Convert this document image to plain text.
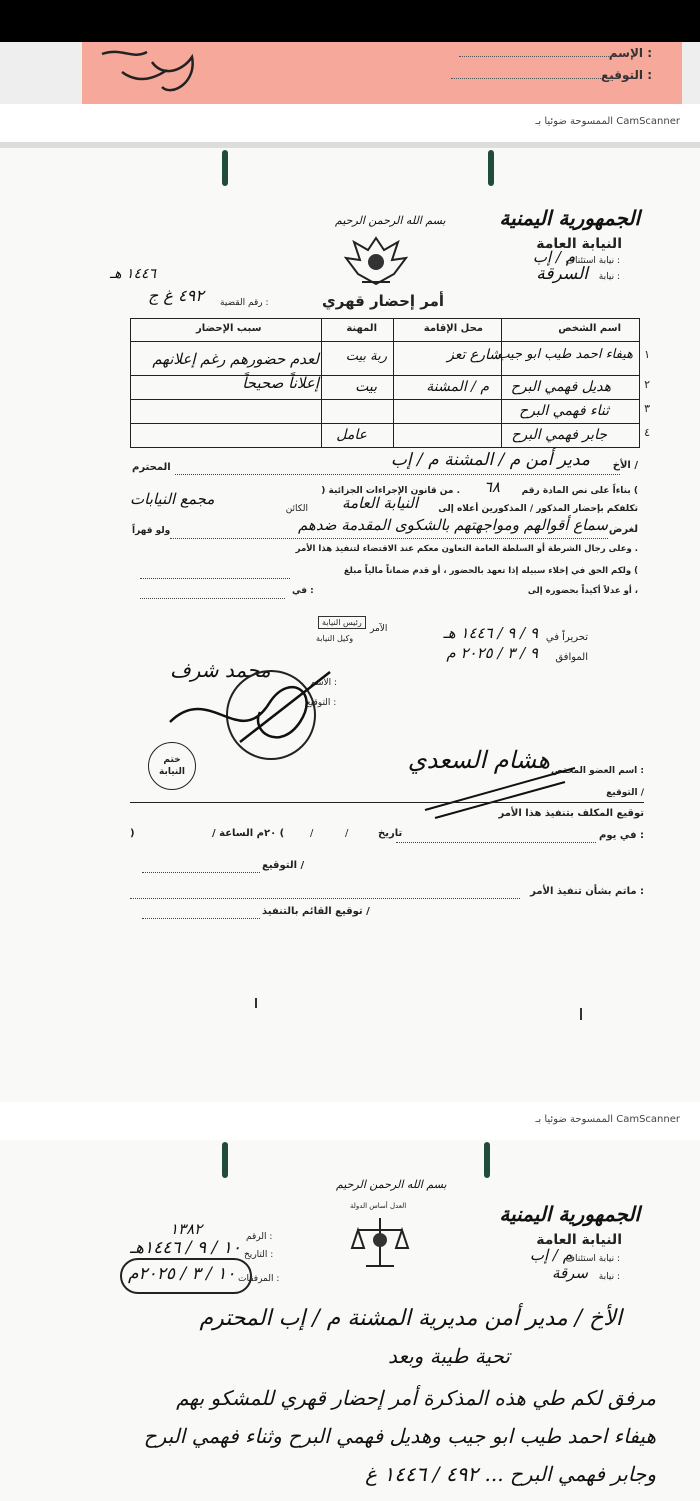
الإسم :
التوقيع :
الممسوحة ضوئيا بـ CamScanner
الجمهورية اليمنية
النيابة العامة
نيابة استئناف :
م / إب
نيابة :
السرقة
بسم الله الرحمن الرحيم
أمر إحضار قهري
رقم القضية :
٤٩٢ غ ج
١٤٤٦ هـ
اسم الشخص
محل الإقامة
المهنة
سبب الإحضار
هيفاء احمد طيب ابو جيب
شارع تعز
ربة بيت
هديل فهمي البرح
م / المشنة
بيت
ثناء فهمي البرح
جابر فهمي البرح
عامل
لعدم حضورهم رغم إعلانهم إعلاناً صحيحاً
١
٢
٣
٤
الأخ /
مدير أمن م / المشنة م / إب
المحترم
بناءاً على نص المادة رقم (
٦٨
) من قانون الإجراءات الجزائية .
تكلفكم بإحضار المذكور / المذكورين أعلاه إلى
النيابة العامة
الكائن
مجمع النيابات
لغرض
سماع أقوالهم ومواجهتهم بالشكوى المقدمة ضدهم
ولو قهراً
وعلى رجال الشرطة أو السلطة العامة التعاون معكم عند الاقتضاء لتنفيذ هذا الأمر .
ولكم الحق في إخلاء سبيله إذا تعهد بالحضور ، أو قدم ضماناً مالياً مبلغ (
أو عدلاً أكيداً بحضوره إلى ،
في :
تحريراً في
٩ / ٩ / ١٤٤٦ هـ
الموافق
٩ / ٣ / ٢٠٢٥ م
الآمر
رئيس النيابة
وكيل النيابة
محمد شرف
الاسم :
التوقيع :
ختم النيابة	اسم العضو المختص :
هشام السعدي
التوقيع /
توقيع المكلف بتنفيذ هذا الأمر
في يوم :
تاريخ
/
/
/ ٢٠م الساعة (
)
التوقيع /
ماتم بشأن تنفيذ الأمر :
توقيع القائم بالتنفيذ /
الممسوحة ضوئيا بـ CamScanner
الجمهورية اليمنية
النيابة العامة
نيابة استئناف :
م / إب
نيابة :
سرقة
بسم الله الرحمن الرحيم
العدل أساس الدولة
الرقم :
١٣٨٢
التاريخ :
١٠ / ٩ / ١٤٤٦هـ
المرفقات :
١٠ / ٣ / ٢٠٢٥م
الأخ / مدير أمن مديرية المشنة م / إب المحترم
تحية طيبة وبعد
مرفق لكم طي هذه المذكرة أمر إحضار قهري للمشكو بهم
هيفاء احمد طيب ابو جيب وهديل فهمي البرح وثناء فهمي البرح
وجابر فهمي البرح ... ٤٩٢ / ١٤٤٦ غ
